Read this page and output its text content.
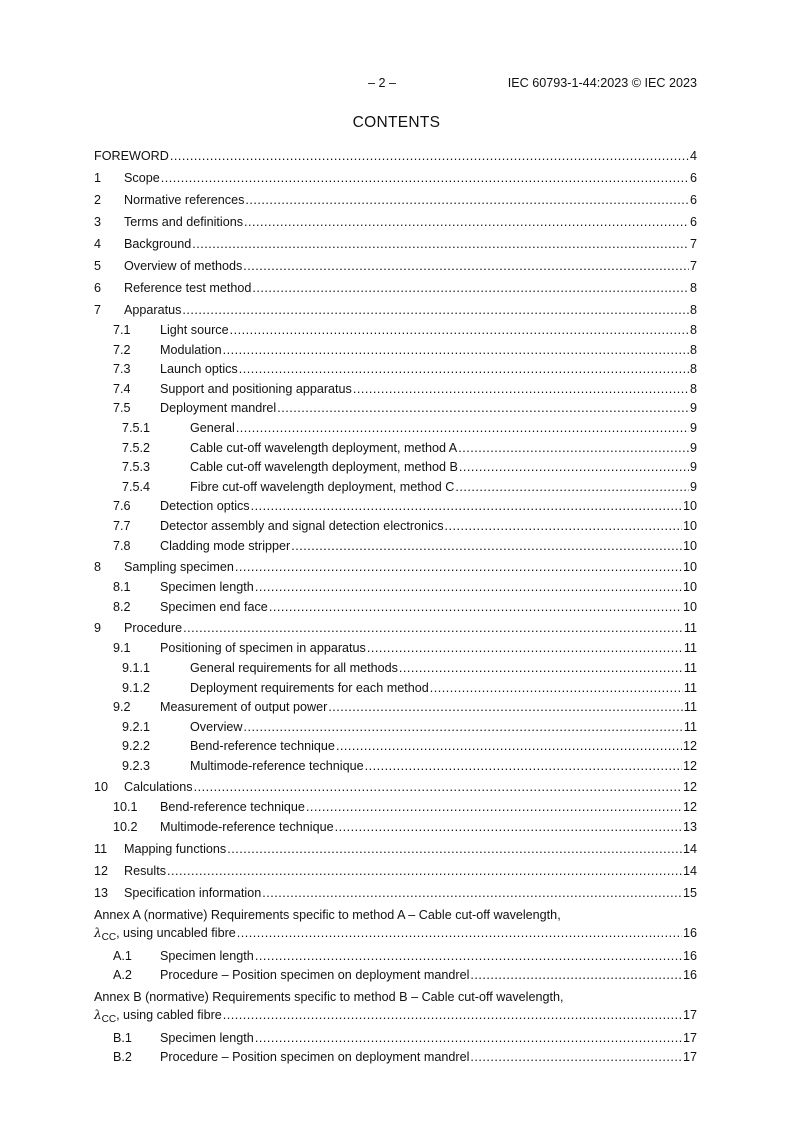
– 2 –	IEC 60793-1-44:2023 © IEC 2023
CONTENTS
FOREWORD .....	4
1	Scope .....	6
2	Normative references .....	6
3	Terms and definitions .....	6
4	Background .....	7
5	Overview of methods .....	7
6	Reference test method .....	8
7	Apparatus .....	8
7.1	Light source .....	8
7.2	Modulation .....	8
7.3	Launch optics .....	8
7.4	Support and positioning apparatus .....	8
7.5	Deployment mandrel .....	9
7.5.1	General .....	9
7.5.2	Cable cut-off wavelength deployment, method A .....	9
7.5.3	Cable cut-off wavelength deployment, method B .....	9
7.5.4	Fibre cut-off wavelength deployment, method C .....	9
7.6	Detection optics .....	10
7.7	Detector assembly and signal detection electronics .....	10
7.8	Cladding mode stripper .....	10
8	Sampling specimen .....	10
8.1	Specimen length .....	10
8.2	Specimen end face .....	10
9	Procedure .....	11
9.1	Positioning of specimen in apparatus .....	11
9.1.1	General requirements for all methods .....	11
9.1.2	Deployment requirements for each method .....	11
9.2	Measurement of output power .....	11
9.2.1	Overview .....	11
9.2.2	Bend-reference technique .....	12
9.2.3	Multimode-reference technique .....	12
10	Calculations .....	12
10.1	Bend-reference technique .....	12
10.2	Multimode-reference technique .....	13
11	Mapping functions .....	14
12	Results .....	14
13	Specification information .....	15
Annex A (normative) Requirements specific to method A – Cable cut-off wavelength,
$\lambda_{CC}$, using uncabled fibre .....	16
A.1	Specimen length .....	16
A.2	Procedure – Position specimen on deployment mandrel .....	16
Annex B (normative) Requirements specific to method B – Cable cut-off wavelength,
$\lambda_{CC}$, using cabled fibre .....	17
B.1	Specimen length .....	17
B.2	Procedure – Position specimen on deployment mandrel .....	17
